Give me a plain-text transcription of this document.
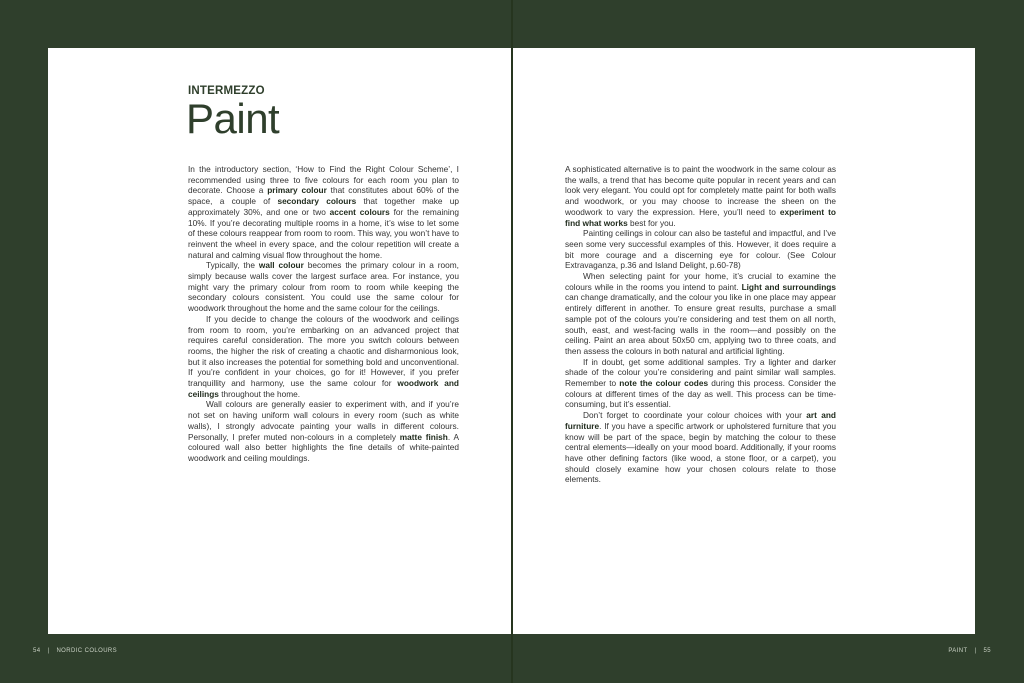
INTERMEZZO
Paint

In the introductory section, ‘How to Find the Right Colour Scheme’, I recommended using three to five colours for each room you plan to decorate. Choose a primary colour that constitutes about 60% of the space, a couple of secondary colours that together make up approximately 30%, and one or two accent colours for the remaining 10%. If you’re decorating multiple rooms in a home, it’s wise to let some of these colours reappear from room to room. This way, you won’t have to reinvent the wheel in every space, and the colour repetition will create a natural and calming visual flow throughout the home.

Typically, the wall colour becomes the primary colour in a room, simply because walls cover the largest surface area. For instance, you might vary the primary colour from room to room while keeping the secondary colours consistent. You could use the same colour for woodwork throughout the home and the same colour for the ceilings.

If you decide to change the colours of the woodwork and ceilings from room to room, you’re embarking on an advanced project that requires careful consideration. The more you switch colours between rooms, the higher the risk of creating a chaotic and disharmonious look, but it also increases the potential for something bold and unconventional. If you’re confident in your choices, go for it! However, if you prefer tranquillity and harmony, use the same colour for woodwork and ceilings throughout the home.

Wall colours are generally easier to experiment with, and if you’re not set on having uniform wall colours in every room (such as white walls), I strongly advocate painting your walls in different colours. Personally, I prefer muted non-colours in a completely matte finish. A coloured wall also better highlights the fine details of white-painted woodwork and ceiling mouldings.

A sophisticated alternative is to paint the woodwork in the same colour as the walls, a trend that has become quite popular in recent years and can look very elegant. You could opt for completely matte paint for both walls and woodwork, or you may choose to increase the sheen on the woodwork to vary the expression. Here, you’ll need to experiment to find what works best for you.

Painting ceilings in colour can also be tasteful and impactful, and I’ve seen some very successful examples of this. However, it does require a bit more courage and a discerning eye for colour. (See Colour Extravaganza, p.36 and Island Delight, p.60-78)

When selecting paint for your home, it’s crucial to examine the colours while in the rooms you intend to paint. Light and surroundings can change dramatically, and the colour you like in one place may appear entirely different in another. To ensure great results, purchase a small sample pot of the colours you’re considering and test them on all north, south, east, and west-facing walls in the room—and possibly on the ceiling. Paint an area about 50x50 cm, applying two to three coats, and then assess the colours in both natural and artificial lighting.

If in doubt, get some additional samples. Try a lighter and darker shade of the colour you’re considering and paint similar wall samples. Remember to note the colour codes during this process. Consider the colours at different times of the day as well. This process can be time-consuming, but it’s essential.

Don’t forget to coordinate your colour choices with your art and furniture. If you have a specific artwork or upholstered furniture that you know will be part of the space, begin by matching the colour to these central elements—ideally on your mood board. Additionally, if your rooms have other defining factors (like wood, a stone floor, or a carpet), you should closely examine how your chosen colours relate to those elements.

54 | NORDIC COLOURS	PAINT | 55
